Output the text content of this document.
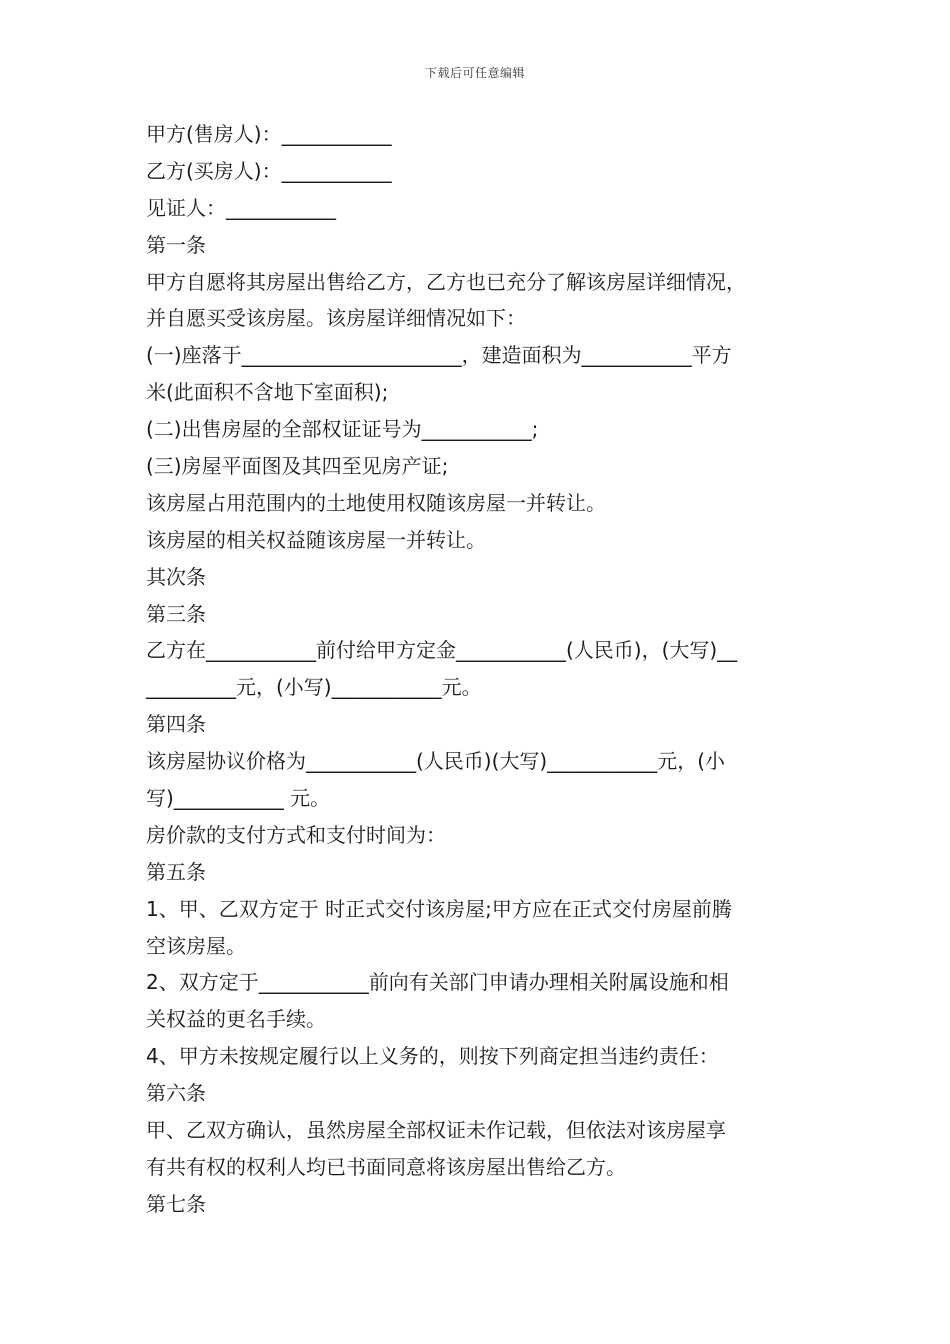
下载后可任意编辑
甲方(售房人)：___________
乙方(买房人)：___________
见证人：___________
第一条
甲方自愿将其房屋出售给乙方，乙方也已充分了解该房屋详细情况，
并自愿买受该房屋。该房屋详细情况如下：
(一)座落于______________________，建造面积为___________平方
米(此面积不含地下室面积);
(二)出售房屋的全部权证证号为___________;
(三)房屋平面图及其四至见房产证;
该房屋占用范围内的土地使用权随该房屋一并转让。
该房屋的相关权益随该房屋一并转让。
其次条
第三条
乙方在___________前付给甲方定金___________(人民币)，(大写)__
_________元，(小写)___________元。
第四条
该房屋协议价格为___________(人民币)(大写)___________元，(小
写)___________ 元。
房价款的支付方式和支付时间为：
第五条
1、甲、乙双方定于 时正式交付该房屋;甲方应在正式交付房屋前腾
空该房屋。
2、双方定于___________前向有关部门申请办理相关附属设施和相
关权益的更名手续。
4、甲方未按规定履行以上义务的，则按下列商定担当违约责任：
第六条
甲、乙双方确认，虽然房屋全部权证未作记载，但依法对该房屋享
有共有权的权利人均已书面同意将该房屋出售给乙方。
第七条
